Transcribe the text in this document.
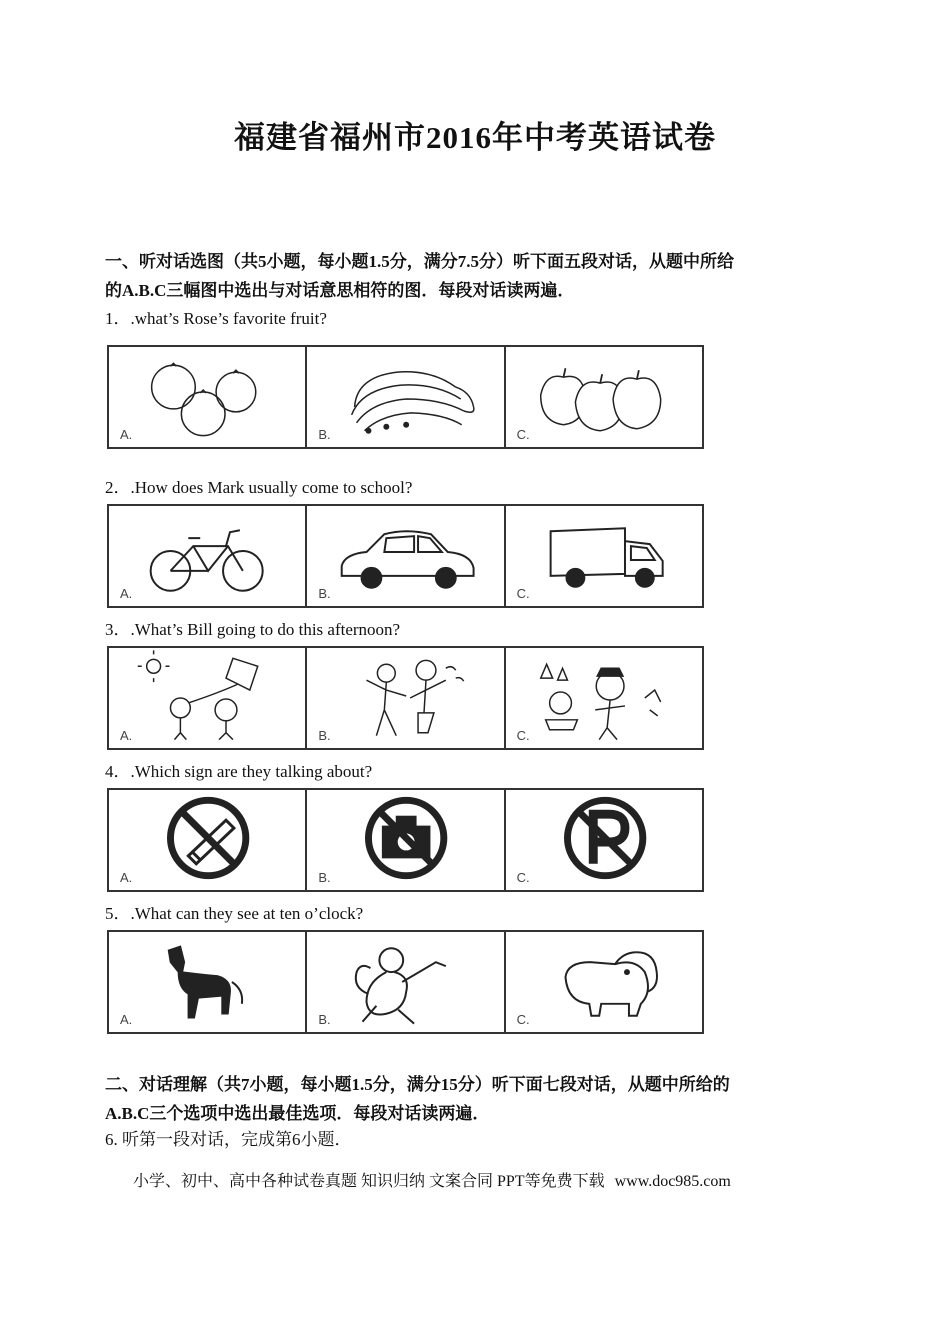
福建省福州市2016年中考英语试卷
一、听对话选图（共5小题，每小题1.5分，满分7.5分）听下面五段对话，从题中所给
的A.B.C三幅图中选出与对话意思相符的图．每段对话读两遍．
1．.what’s Rose’s favorite fruit?
A.	B.	C.
2．.How does Mark usually come to school?
A.	B.	C.
3．.What’s Bill going to do this afternoon?
A.	B.	C.
4．.Which sign are they talking about?
A.	B.	C.
5．.What can they see at ten o’clock?
A.	B.	C.
二、对话理解（共7小题，每小题1.5分，满分15分）听下面七段对话，从题中所给的
A.B.C三个选项中选出最佳选项．每段对话读两遍．
6. 听第一段对话，完成第6小题．
小学、初中、高中各种试卷真题 知识归纳 文案合同 PPT等免费下载 www.doc985.com
